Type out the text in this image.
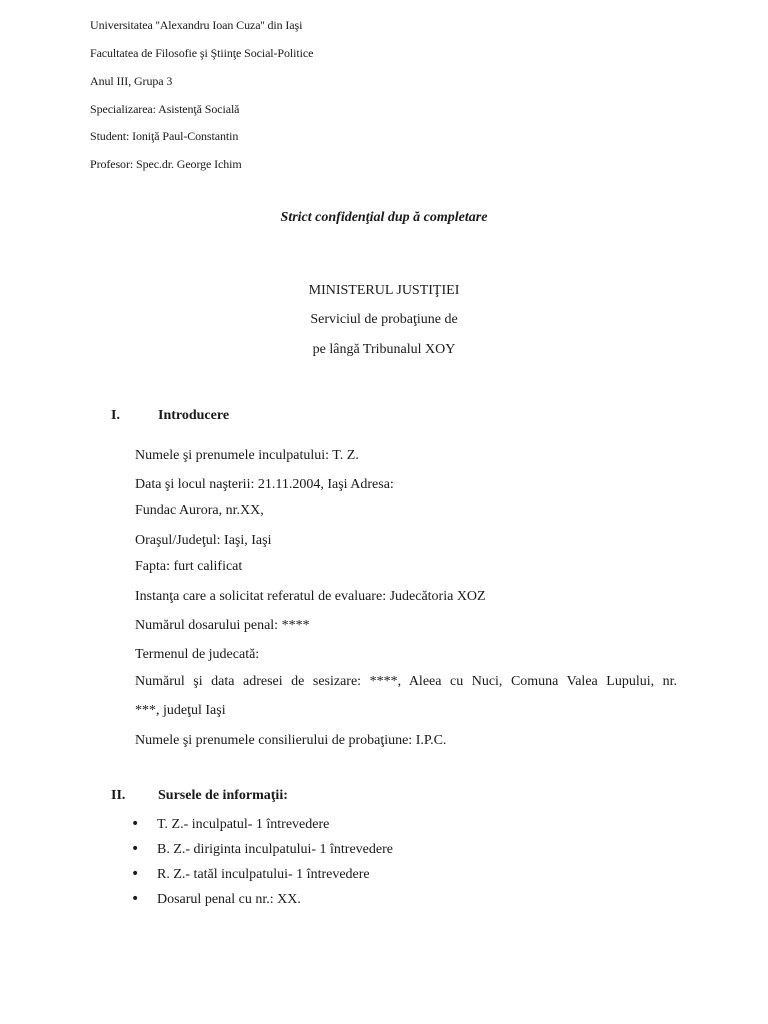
Universitatea ''Alexandru Ioan Cuza'' din Iaşi
Facultatea de Filosofie şi Ştiinţe Social-Politice
Anul III, Grupa 3
Specializarea: Asistenţă Socială
Student: Ioniţă Paul-Constantin
Profesor: Spec.dr. George Ichim
Strict confidenţial dup ă completare
MINISTERUL JUSTIŢIEI
Serviciul de probaţiune de
pe lângă Tribunalul XOY
I.	Introducere
Numele şi prenumele inculpatului: T. Z.
Data şi locul naşterii: 21.11.2004, Iaşi Adresa:
Fundac Aurora, nr.XX,
Oraşul/Judeţul: Iaşi, Iaşi
Fapta: furt calificat
Instanţa care a solicitat referatul de evaluare: Judecătoria XOZ
Numărul dosarului penal: ****
Termenul de judecată:
Numărul şi data adresei de sesizare: ****, Aleea cu Nuci, Comuna Valea Lupului, nr.
***, judeţul Iaşi
Numele şi prenumele consilierului de probaţiune: I.P.C.
II. Sursele de informaţii:
• T. Z.- inculpatul- 1 întrevedere
• B. Z.- diriginta inculpatului- 1 întrevedere
• R. Z.- tatăl inculpatului- 1 întrevedere
• Dosarul penal cu nr.: XX.
